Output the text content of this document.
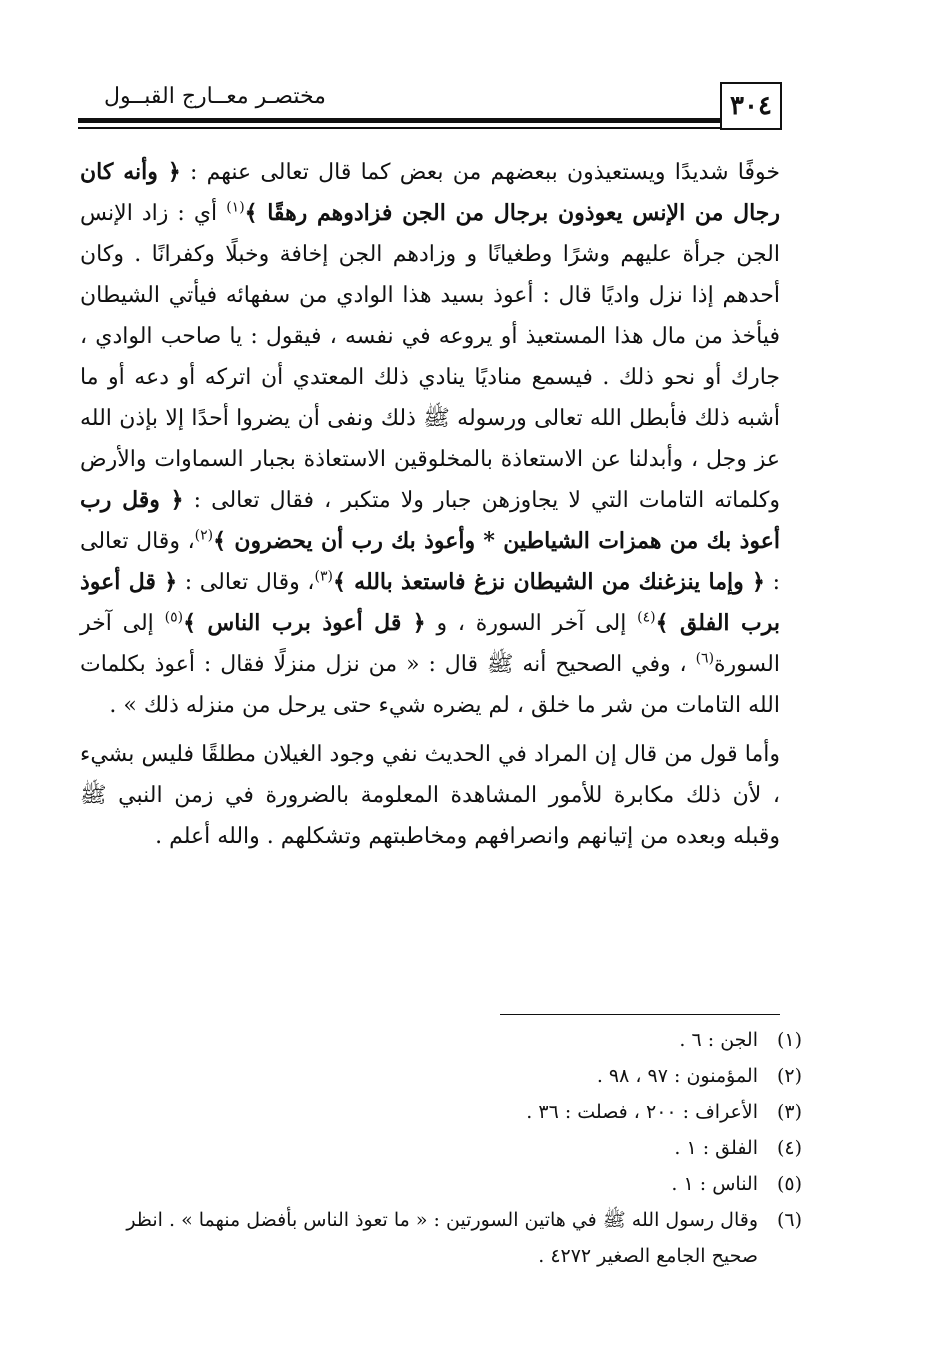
٣٠٤
مختصـر معــارج القبــول

خوفًا شديدًا ويستعيذون ببعضهم من بعض كما قال تعالى عنهم : ﴿ وأنه كان رجال من الإنس يعوذون برجال من الجن فزادوهم رهقًا ﴾$^{(١)}$ أي : زاد الإنس الجن جرأة عليهم وشرًا وطغيانًا و وزادهم الجن إخافة وخبلًا وكفرانًا . وكان أحدهم إذا نزل واديًا قال : أعوذ بسيد هذا الوادي من سفهائه فيأتي الشيطان فيأخذ من مال هذا المستعيذ أو يروعه في نفسه ، فيقول : يا صاحب الوادي ، جارك أو نحو ذلك . فيسمع مناديًا ينادي ذلك المعتدي أن اتركه أو دعه أو ما أشبه ذلك فأبطل الله تعالى ورسوله ﷺ ذلك ونفى أن يضروا أحدًا إلا بإذن الله عز وجل ، وأبدلنا عن الاستعاذة بالمخلوقين الاستعاذة بجبار السماوات والأرض وكلماته التامات التي لا يجاوزهن جبار ولا متكبر ، فقال تعالى : ﴿ وقل رب أعوذ بك من همزات الشياطين * وأعوذ بك رب أن يحضرون ﴾$^{(٢)}$، وقال تعالى : ﴿ وإما ينزغنك من الشيطان نزغ فاستعذ بالله ﴾$^{(٣)}$، وقال تعالى : ﴿ قل أعوذ برب الفلق ﴾$^{(٤)}$ إلى آخر السورة ، و ﴿ قل أعوذ برب الناس ﴾$^{(٥)}$ إلى آخر السورة$^{(٦)}$ ، وفي الصحيح أنه ﷺ قال : « من نزل منزلًا فقال : أعوذ بكلمات الله التامات من شر ما خلق ، لم يضره شيء حتى يرحل من منزله ذلك » .

وأما قول من قال إن المراد في الحديث نفي وجود الغيلان مطلقًا فليس بشيء ، لأن ذلك مكابرة للأمور المشاهدة المعلومة بالضرورة في زمن النبي ﷺ وقبله وبعده من إتيانهم وانصرافهم ومخاطبتهم وتشكلهم . والله أعلم .

(١)
الجن : ٦ .
(٢)
المؤمنون : ٩٧ ، ٩٨ .
(٣)
الأعراف : ٢٠٠ ، فصلت : ٣٦ .
(٤)
الفلق : ١ .
(٥)
الناس : ١ .
(٦)
وقال رسول الله ﷺ في هاتين السورتين : « ما تعوذ الناس بأفضل منهما » . انظر صحيح الجامع الصغير ٤٢٧٢ .
